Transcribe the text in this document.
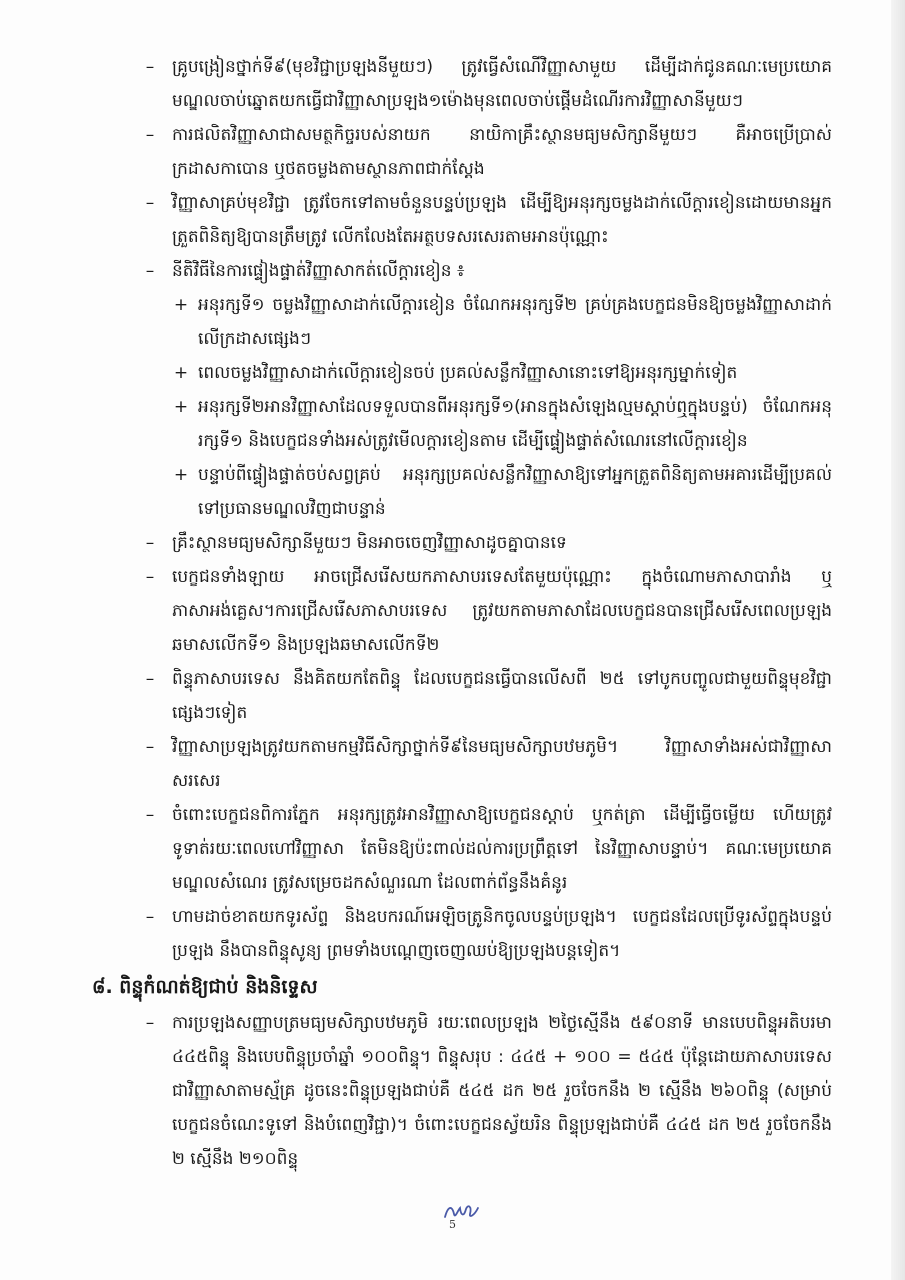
–	គ្រូបង្រៀនថ្នាក់ទី៩(មុខវិជ្ជាប្រឡងនីមួយៗ) ត្រូវធ្វើសំណើវិញ្ញាសាមួយ ដើម្បីដាក់ជូនគណៈមេប្រយោគមណ្ឌលចាប់ឆ្នោតយកធ្វើជាវិញ្ញាសាប្រឡង១ម៉ោងមុនពេលចាប់ផ្តើមដំណើរការវិញ្ញាសានីមួយៗ
–	ការផលិតវិញ្ញាសាជាសមត្ថកិច្ចរបស់នាយក នាយិកាគ្រឹះស្ថានមធ្យមសិក្សានីមួយៗ គឺអាចប្រើប្រាស់ក្រដាសកាបោន ឬថតចម្លងតាមស្ថានភាពជាក់ស្តែង
–	វិញ្ញាសាគ្រប់មុខវិជ្ជា ត្រូវចែកទៅតាមចំនួនបន្ទប់ប្រឡង ដើម្បីឱ្យអនុរក្សចម្លងដាក់លើក្តារខៀនដោយមានអ្នកត្រួតពិនិត្យឱ្យបានត្រឹមត្រូវ លើកលែងតែអត្ថបទសរសេរតាមអានប៉ុណ្ណោះ
–	នីតិវិធីនៃការផ្ទៀងផ្ទាត់វិញ្ញាសាកត់លើក្តារខៀន ៖
+ អនុរក្សទី១ ចម្លងវិញ្ញាសាដាក់លើក្តារខៀន ចំណែកអនុរក្សទី២ គ្រប់គ្រងបេក្ខជនមិនឱ្យចម្លងវិញ្ញាសាដាក់លើក្រដាសផ្សេងៗ
+ ពេលចម្លងវិញ្ញាសាដាក់លើក្តារខៀនចប់ ប្រគល់សន្លឹកវិញ្ញាសានោះទៅឱ្យអនុរក្សម្នាក់ទៀត
+ អនុរក្សទី២អានវិញ្ញាសាដែលទទួលបានពីអនុរក្សទី១(អានក្នុងសំឡេងល្មមស្តាប់ឮក្នុងបន្ទប់) ចំណែកអនុរក្សទី១ និងបេក្ខជនទាំងអស់ត្រូវមើលក្តារខៀនតាម ដើម្បីផ្ទៀងផ្ទាត់សំណេរនៅលើក្តារខៀន
+ បន្ទាប់ពីផ្ទៀងផ្ទាត់ចប់សព្វគ្រប់ អនុរក្សប្រគល់សន្លឹកវិញ្ញាសាឱ្យទៅអ្នកត្រួតពិនិត្យតាមអគារដើម្បីប្រគល់ទៅប្រធានមណ្ឌលវិញជាបន្ទាន់
–	គ្រឹះស្ថានមធ្យមសិក្សានីមួយៗ មិនអាចចេញវិញ្ញាសាដូចគ្នាបានទេ
–	បេក្ខជនទាំងឡាយ អាចជ្រើសរើសយកភាសាបរទេសតែមួយប៉ុណ្ណោះ ក្នុងចំណោមភាសាបារាំង ឬភាសាអង់គ្លេស។ការជ្រើសរើសភាសាបរទេស ត្រូវយកតាមភាសាដែលបេក្ខជនបានជ្រើសរើសពេលប្រឡងឆមាសលើកទី១ និងប្រឡងឆមាសលើកទី២
–	ពិន្ទុភាសាបរទេស នឹងគិតយកតែពិន្ទុ ដែលបេក្ខជនធ្វើបានលើសពី ២៥ ទៅបូកបញ្ចូលជាមួយពិន្ទុមុខវិជ្ជាផ្សេងៗទៀត
–	វិញ្ញាសាប្រឡងត្រូវយកតាមកម្មវិធីសិក្សាថ្នាក់ទី៩នៃមធ្យមសិក្សាបឋមភូមិ។ វិញ្ញាសាទាំងអស់ជាវិញ្ញាសាសរសេរ
–	ចំពោះបេក្ខជនពិការភ្នែក អនុរក្សត្រូវអានវិញ្ញាសាឱ្យបេក្ខជនស្តាប់ ឬកត់ត្រា ដើម្បីធ្វើចម្លើយ ហើយត្រូវទូទាត់រយៈពេលហៅវិញ្ញាសា តែមិនឱ្យប៉ះពាល់ដល់ការប្រព្រឹត្តទៅ នៃវិញ្ញាសាបន្ទាប់។ គណៈមេប្រយោគមណ្ឌលសំណេរ ត្រូវសម្រេចដកសំណួរណា ដែលពាក់ព័ន្ធនឹងគំនូរ
–	ហាមដាច់ខាតយកទូរស័ព្ទ និងឧបករណ៍អេឡិចត្រូនិកចូលបន្ទប់ប្រឡង។ បេក្ខជនដែលប្រើទូរស័ព្ទក្នុងបន្ទប់ប្រឡង នឹងបានពិន្ទុសូន្យ ព្រមទាំងបណ្តេញចេញឈប់ឱ្យប្រឡងបន្តទៀត។
៨. ពិន្ទុកំណត់ឱ្យជាប់ និងនិទ្ទេស
–	ការប្រឡងសញ្ញាបត្រមធ្យមសិក្សាបឋមភូមិ រយៈពេលប្រឡង ២ថ្ងៃស្មើនឹង ៥៩០នាទី មានបេបពិន្ទុអតិបរមា ៤៤៥ពិន្ទុ និងបេបពិន្ទុប្រចាំឆ្នាំ ១០០ពិន្ទុ។ ពិន្ទុសរុប : ៤៤៥ + ១០០ = ៥៤៥ ប៉ុន្តែដោយភាសាបរទេសជាវិញ្ញាសាតាមស្ម័គ្រ ដូចនេះពិន្ទុប្រឡងជាប់គឺ ៥៤៥ ដក ២៥ រួចចែកនឹង ២ ស្មើនឹង ២៦០ពិន្ទុ (សម្រាប់បេក្ខជនចំណេះទូទៅ និងបំពេញវិជ្ជា)។ ចំពោះបេក្ខជនស្វ័យរិន ពិន្ទុប្រឡងជាប់គឺ ៤៤៥ ដក ២៥ រួចចែកនឹង ២ ស្មើនឹង ២១០ពិន្ទុ
5
